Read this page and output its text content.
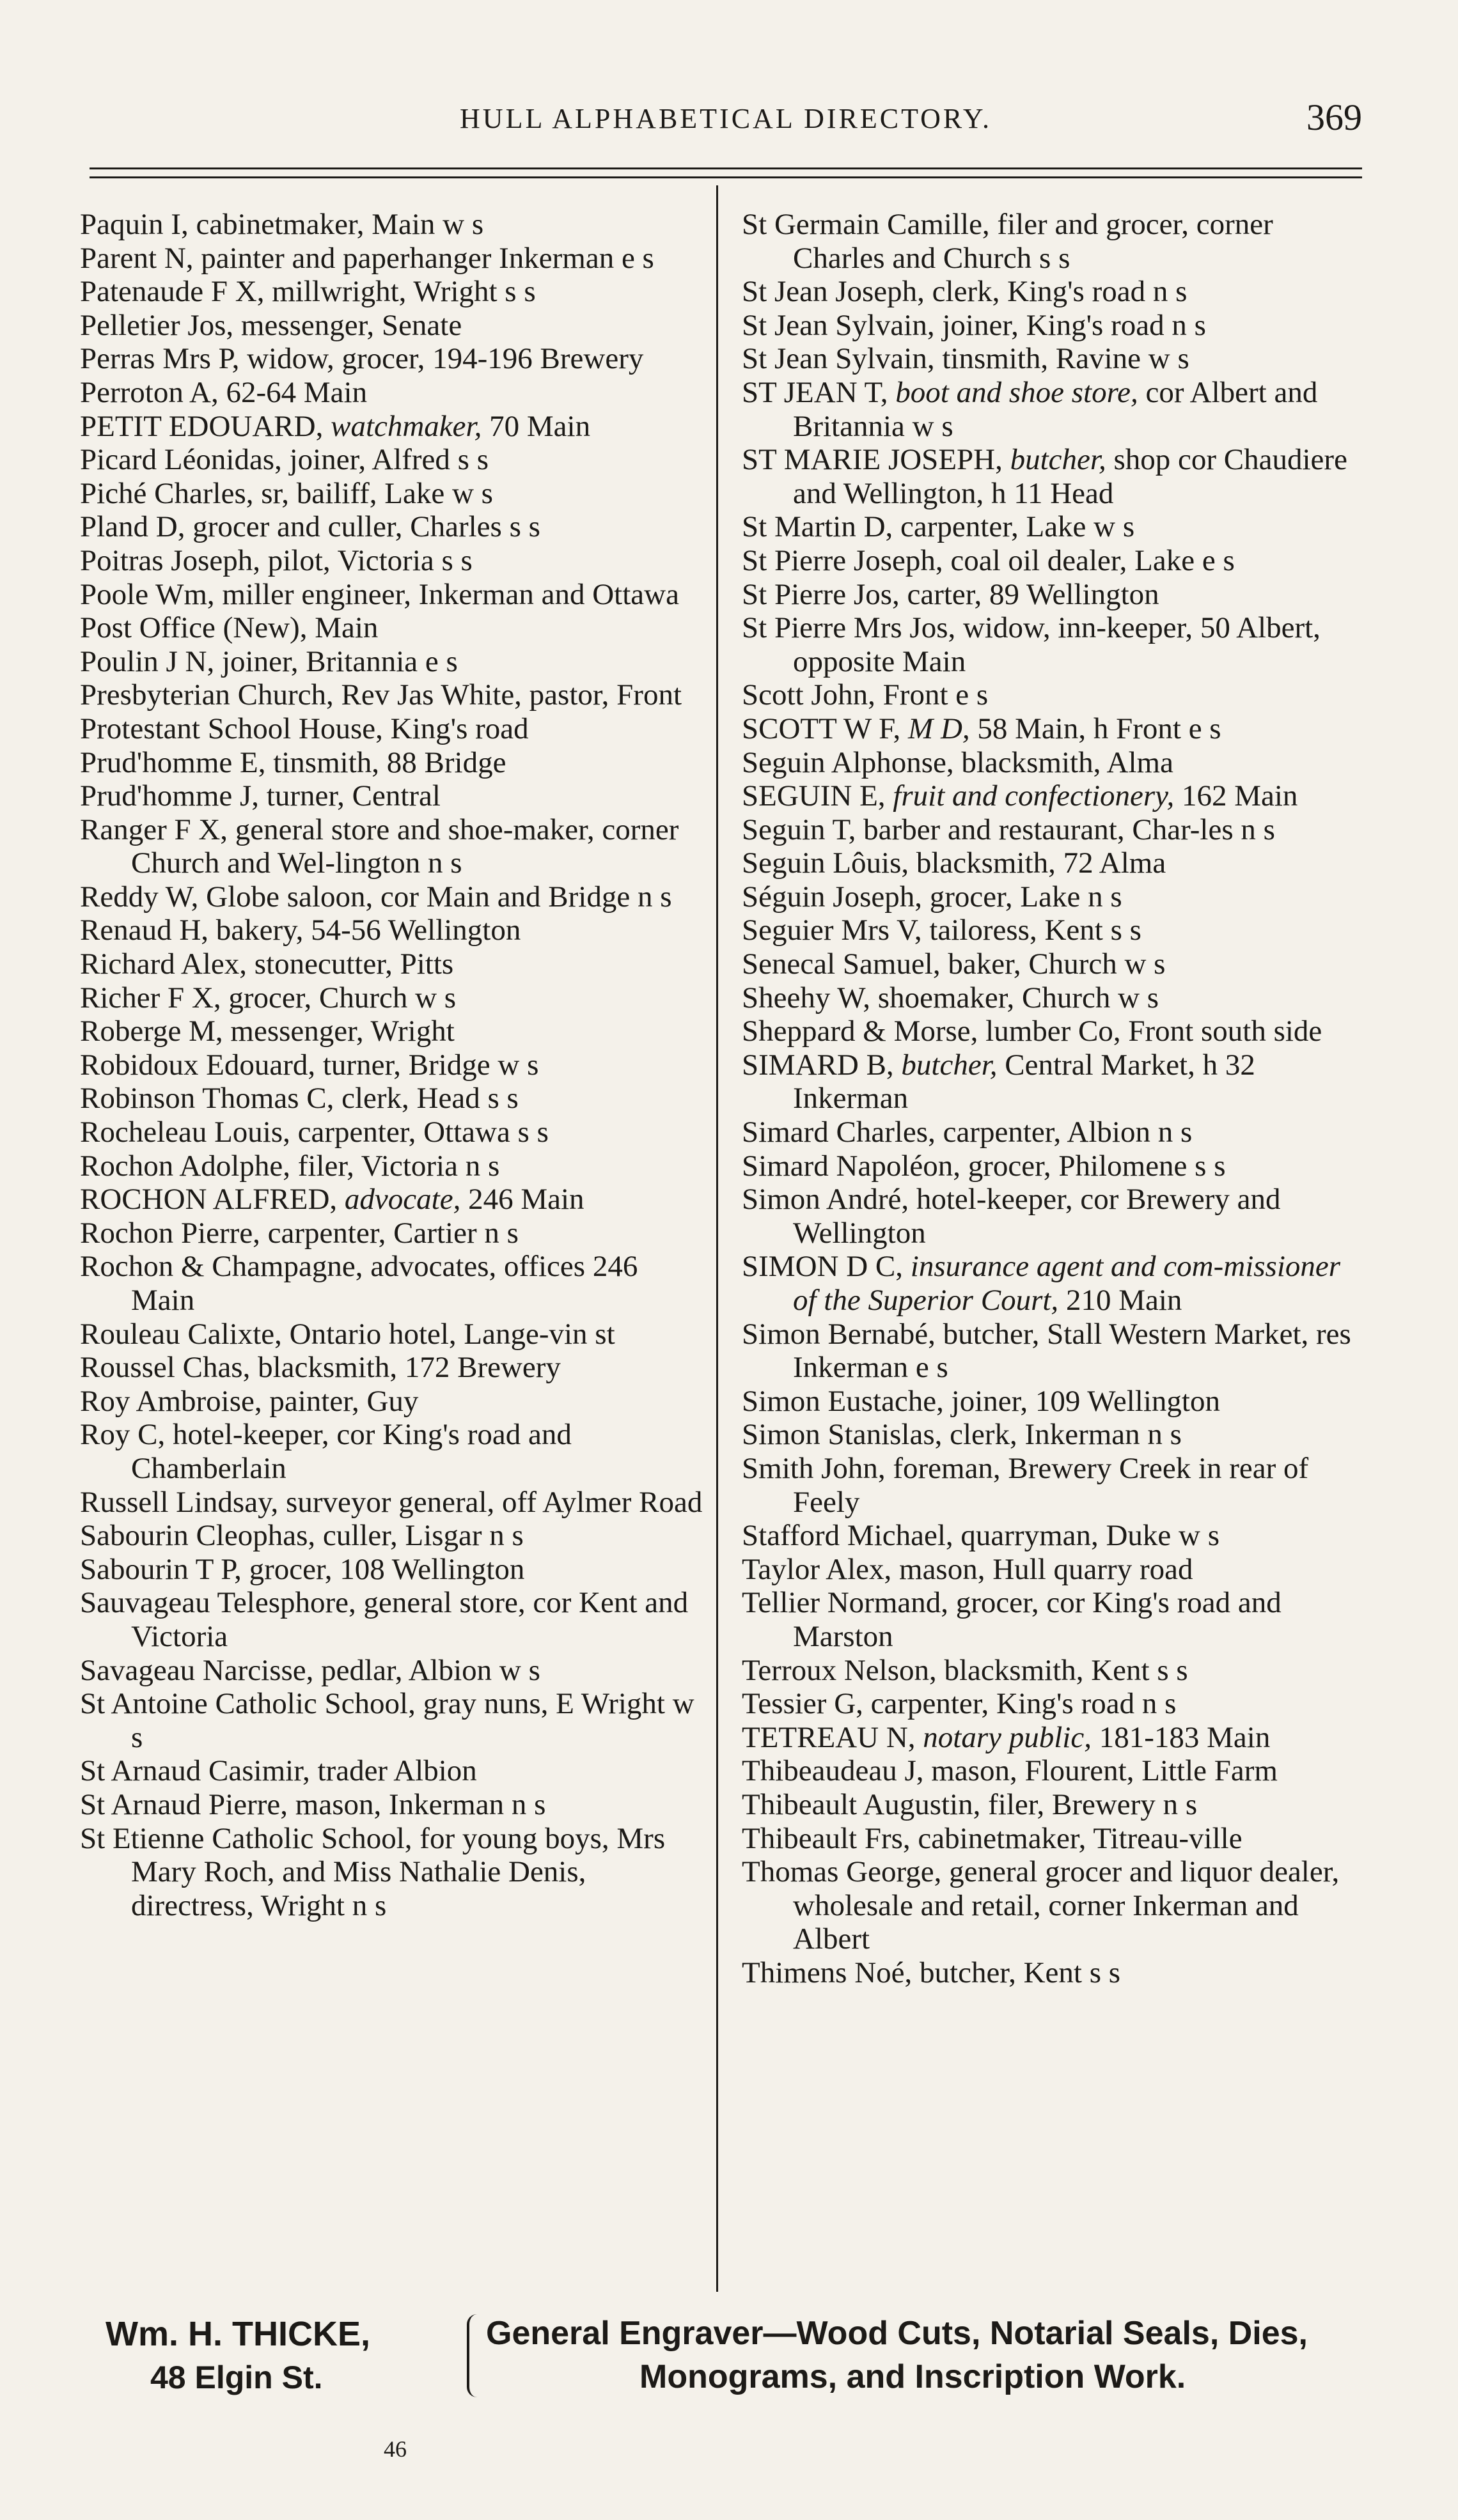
HULL ALPHABETICAL DIRECTORY.	369

Paquin I, cabinetmaker, Main w s

Parent N, painter and paperhanger Inkerman e s

Patenaude F X, millwright, Wright s s

Pelletier Jos, messenger, Senate

Perras Mrs P, widow, grocer, 194-196 Brewery

Perroton A, 62-64 Main

PETIT EDOUARD, watchmaker, 70 Main

Picard Léonidas, joiner, Alfred s s

Piché Charles, sr, bailiff, Lake w s

Pland D, grocer and culler, Charles s s

Poitras Joseph, pilot, Victoria s s

Poole Wm, miller engineer, Inkerman and Ottawa

Post Office (New), Main

Poulin J N, joiner, Britannia e s

Presbyterian Church, Rev Jas White, pastor, Front

Protestant School House, King's road

Prud'homme E, tinsmith, 88 Bridge

Prud'homme J, turner, Central

Ranger F X, general store and shoe-maker, corner Church and Wel-lington n s

Reddy W, Globe saloon, cor Main and Bridge n s

Renaud H, bakery, 54-56 Wellington

Richard Alex, stonecutter, Pitts

Richer F X, grocer, Church w s

Roberge M, messenger, Wright

Robidoux Edouard, turner, Bridge w s

Robinson Thomas C, clerk, Head s s

Rocheleau Louis, carpenter, Ottawa s s

Rochon Adolphe, filer, Victoria n s

ROCHON ALFRED, advocate, 246 Main

Rochon Pierre, carpenter, Cartier n s

Rochon & Champagne, advocates, offices 246 Main

Rouleau Calixte, Ontario hotel, Lange-vin st

Roussel Chas, blacksmith, 172 Brewery

Roy Ambroise, painter, Guy

Roy C, hotel-keeper, cor King's road and Chamberlain

Russell Lindsay, surveyor general, off Aylmer Road

Sabourin Cleophas, culler, Lisgar n s

Sabourin T P, grocer, 108 Wellington

Sauvageau Telesphore, general store, cor Kent and Victoria

Savageau Narcisse, pedlar, Albion w s

St Antoine Catholic School, gray nuns, E Wright w s

St Arnaud Casimir, trader Albion

St Arnaud Pierre, mason, Inkerman n s

St Etienne Catholic School, for young boys, Mrs Mary Roch, and Miss Nathalie Denis, directress, Wright n s

St Germain Camille, filer and grocer, corner Charles and Church s s

St Jean Joseph, clerk, King's road n s

St Jean Sylvain, joiner, King's road n s

St Jean Sylvain, tinsmith, Ravine w s

ST JEAN T, boot and shoe store, cor Albert and Britannia w s

ST MARIE JOSEPH, butcher, shop cor Chaudiere and Wellington, h 11 Head

St Martin D, carpenter, Lake w s

St Pierre Joseph, coal oil dealer, Lake e s

St Pierre Jos, carter, 89 Wellington

St Pierre Mrs Jos, widow, inn-keeper, 50 Albert, opposite Main

Scott John, Front e s

SCOTT W F, M D, 58 Main, h Front e s

Seguin Alphonse, blacksmith, Alma

SEGUIN E, fruit and confectionery, 162 Main

Seguin T, barber and restaurant, Char-les n s

Seguin Lôuis, blacksmith, 72 Alma

Séguin Joseph, grocer, Lake n s

Seguier Mrs V, tailoress, Kent s s

Senecal Samuel, baker, Church w s

Sheehy W, shoemaker, Church w s

Sheppard & Morse, lumber Co, Front south side

SIMARD B, butcher, Central Market, h 32 Inkerman

Simard Charles, carpenter, Albion n s

Simard Napoléon, grocer, Philomene s s

Simon André, hotel-keeper, cor Brewery and Wellington

SIMON D C, insurance agent and com-missioner of the Superior Court, 210 Main

Simon Bernabé, butcher, Stall Western Market, res Inkerman e s

Simon Eustache, joiner, 109 Wellington

Simon Stanislas, clerk, Inkerman n s

Smith John, foreman, Brewery Creek in rear of Feely

Stafford Michael, quarryman, Duke w s

Taylor Alex, mason, Hull quarry road

Tellier Normand, grocer, cor King's road and Marston

Terroux Nelson, blacksmith, Kent s s

Tessier G, carpenter, King's road n s

TETREAU N, notary public, 181-183 Main

Thibeaudeau J, mason, Flourent, Little Farm

Thibeault Augustin, filer, Brewery n s

Thibeault Frs, cabinetmaker, Titreau-ville

Thomas George, general grocer and liquor dealer, wholesale and retail, corner Inkerman and Albert

Thimens Noé, butcher, Kent s s

Wm. H. THICKE,
48 Elgin St.
General Engraver—Wood Cuts, Notarial Seals, Dies,
Monograms, and Inscription Work.
46
